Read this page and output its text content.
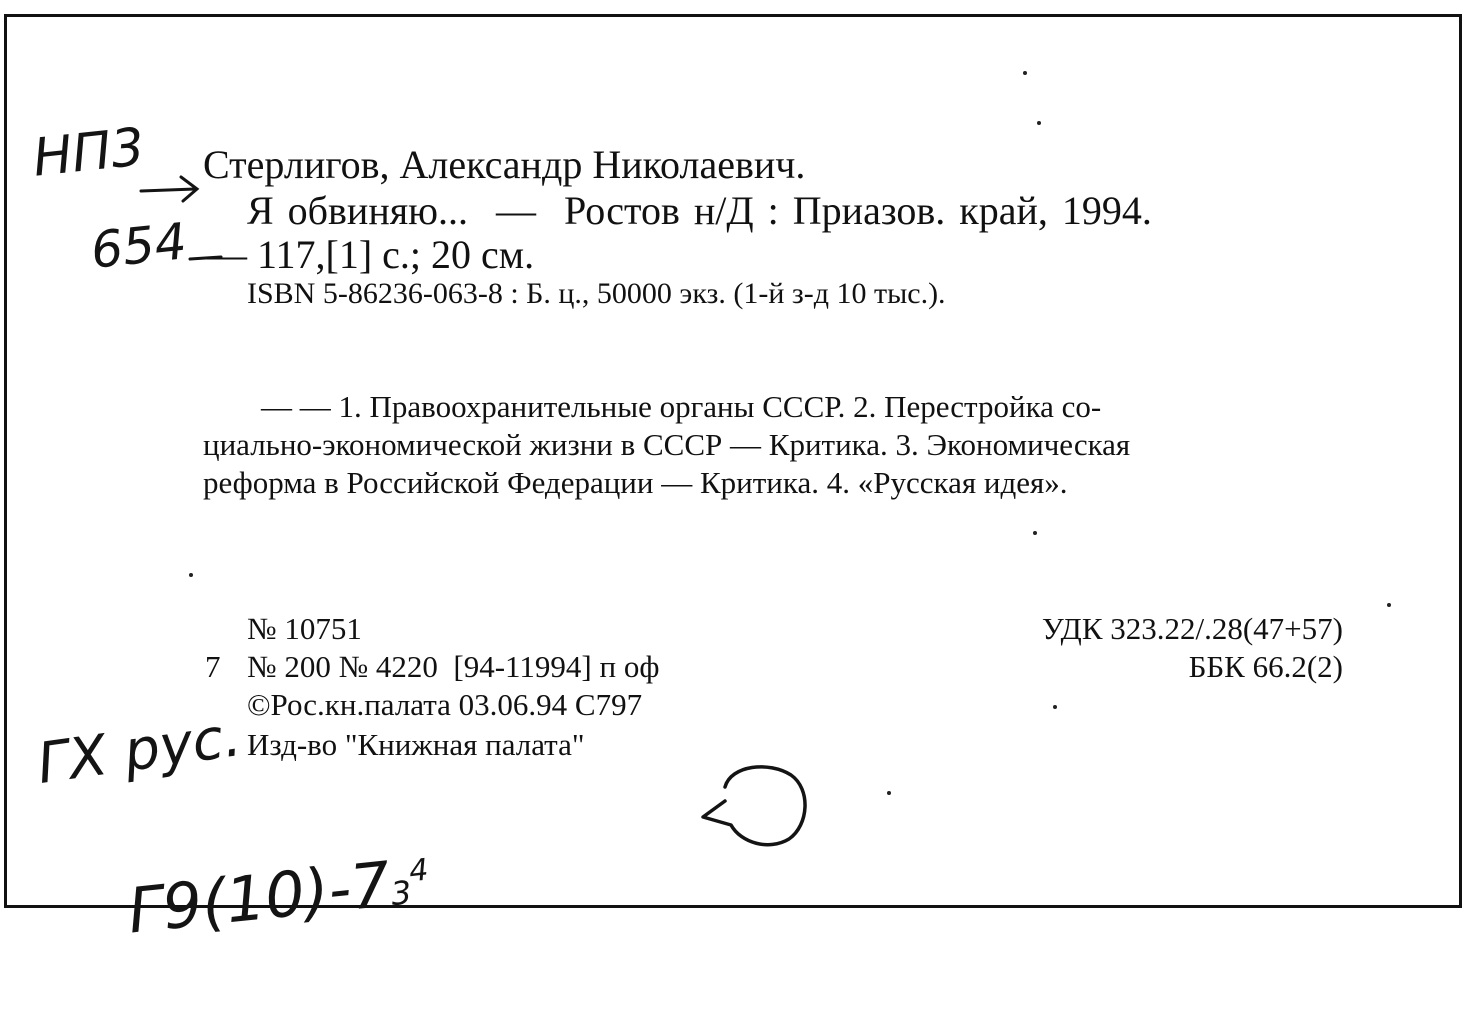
НП3
654
Стерлигов, Александр Николаевич.
Я обвиняю...  —  Ростов н/Д : Приазов. край, 1994.
— 117,[1] с.; 20 см.
ISBN 5-86236-063-8 : Б. ц., 50000 экз. (1-й з-д 10 тыс.).
— — 1. Правоохранительные органы СССР. 2. Перестройка со-
циально-экономической жизни в СССР — Критика. 3. Экономическая
реформа в Российской Федерации — Критика. 4. «Русская идея».
№ 10751
7 № 200 № 4220  [94-11994] п оф
©Рос.кн.палата 03.06.94 С797
Изд-во "Книжная палата"
УДК 323.22/.28(47+57)
ББК 66.2(2)
ГХ рус.

$Г9(10)-73^4$
